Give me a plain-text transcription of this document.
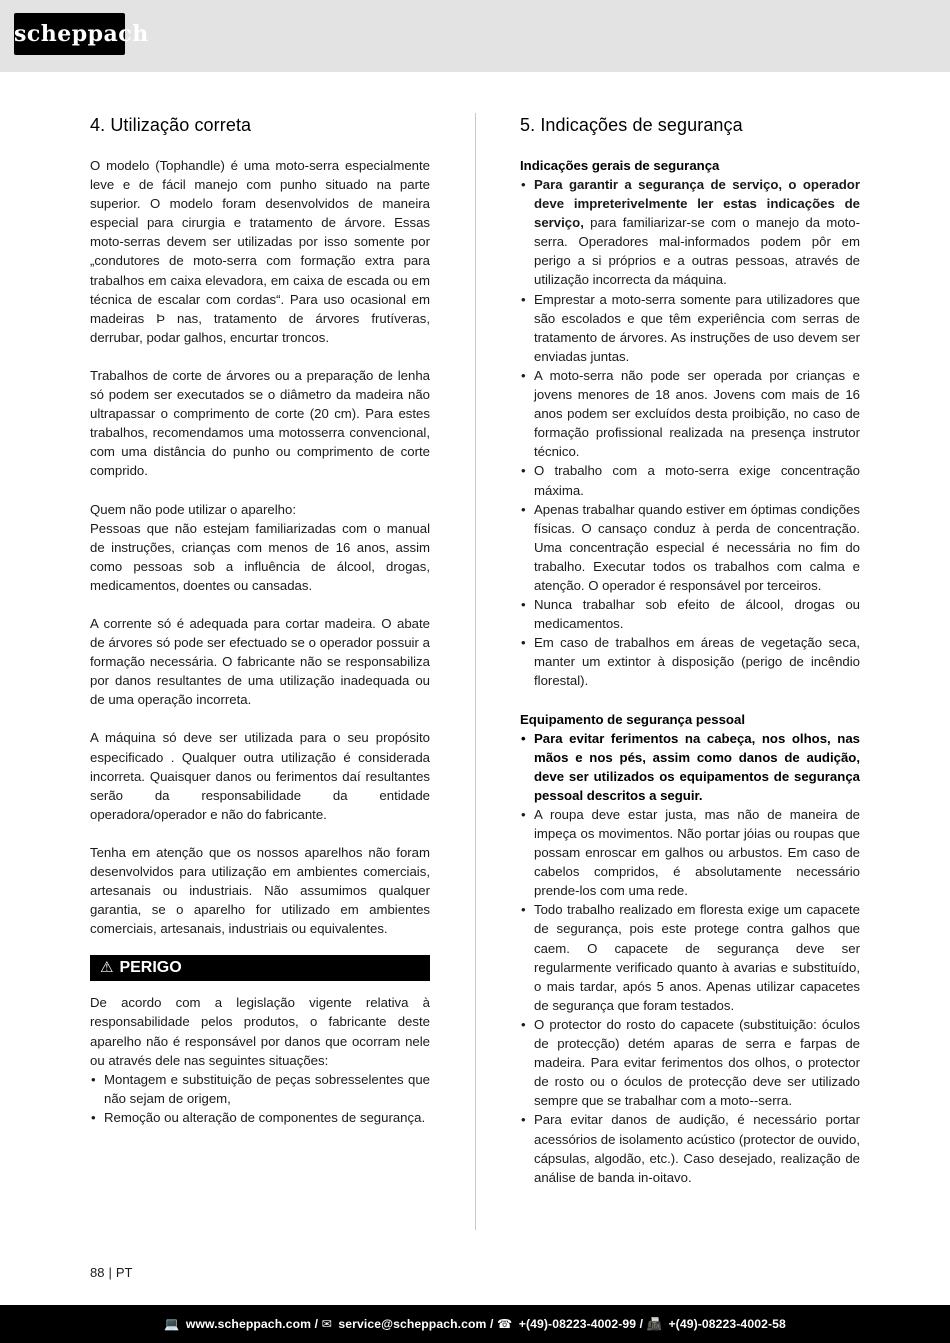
scheppach
4. Utilização correta

O modelo (Tophandle) é uma moto-serra especialmente leve e de fácil manejo com punho situado na parte superior. O modelo foram desenvolvidos de maneira especial para cirurgia e tratamento de árvore. Essas moto-serras devem ser utilizadas por isso somente por „condutores de moto-serra com formação extra para trabalhos em caixa elevadora, em caixa de escada ou em técnica de escalar com cordas“. Para uso ocasional em madeiras Þ nas, tratamento de árvores frutíveras, derrubar, podar galhos, encurtar troncos.

Trabalhos de corte de árvores ou a preparação de lenha só podem ser executados se o diâmetro da madeira não ultrapassar o comprimento de corte (20 cm). Para estes trabalhos, recomendamos uma motosserra convencional, com uma distância do punho ou comprimento de corte comprido.

Quem não pode utilizar o aparelho:

Pessoas que não estejam familiarizadas com o manual de instruções, crianças com menos de 16 anos, assim como pessoas sob a influência de álcool, drogas, medicamentos, doentes ou cansadas.

A corrente só é adequada para cortar madeira. O abate de árvores só pode ser efectuado se o operador possuir a formação necessária. O fabricante não se responsabiliza por danos resultantes de uma utilização inadequada ou de uma operação incorreta.

A máquina só deve ser utilizada para o seu propósito especificado . Qualquer outra utilização é considerada incorreta. Quaisquer danos ou ferimentos daí resultantes serão da responsabilidade da entidade operadora/operador e não do fabricante.

Tenha em atenção que os nossos aparelhos não foram desenvolvidos para utilização em ambientes comerciais, artesanais ou industriais. Não assumimos qualquer garantia, se o aparelho for utilizado em ambientes comerciais, artesanais, industriais ou equivalentes.

⚠ PERIGO

De acordo com a legislação vigente relativa à responsabilidade pelos produtos, o fabricante deste aparelho não é responsável por danos que ocorram nele ou através dele nas seguintes situações:

• Montagem e substituição de peças sobresselentes que não sejam de origem,
• Remoção ou alteração de componentes de segurança.
5. Indicações de segurança
Indicações gerais de segurança
• Para garantir a segurança de serviço, o operador deve impreterivelmente ler estas indicações de serviço, para familiarizar-se com o manejo da moto-serra. Operadores mal-informados podem pôr em perigo a si próprios e a outras pessoas, através de utilização incorrecta da máquina.
• Emprestar a moto-serra somente para utilizadores que são escolados e que têm experiência com serras de tratamento de árvores. As instruções de uso devem ser enviadas juntas.
• A moto-serra não pode ser operada por crianças e jovens menores de 18 anos. Jovens com mais de 16 anos podem ser excluídos desta proibição, no caso de formação profissional realizada na presença instrutor técnico.
• O trabalho com a moto-serra exige concentração máxima.
• Apenas trabalhar quando estiver em óptimas condições físicas. O cansaço conduz à perda de concentração. Uma concentração especial é necessária no fim do trabalho. Executar todos os trabalhos com calma e atenção. O operador é responsável por terceiros.
• Nunca trabalhar sob efeito de álcool, drogas ou medicamentos.
• Em caso de trabalhos em áreas de vegetação seca, manter um extintor à disposição (perigo de incêndio florestal).
Equipamento de segurança pessoal
• Para evitar ferimentos na cabeça, nos olhos, nas mãos e nos pés, assim como danos de audição, deve ser utilizados os equipamentos de segurança pessoal descritos a seguir.
• A roupa deve estar justa, mas não de maneira de impeça os movimentos. Não portar jóias ou roupas que possam enroscar em galhos ou arbustos. Em caso de cabelos compridos, é absolutamente necessário prende-los com uma rede.
• Todo trabalho realizado em floresta exige um capacete de segurança, pois este protege contra galhos que caem. O capacete de segurança deve ser regularmente verificado quanto à avarias e substituído, o mais tardar, após 5 anos. Apenas utilizar capacetes de segurança que foram testados.
• O protector do rosto do capacete (substituição: óculos de protecção) detém aparas de serra e farpas de madeira. Para evitar ferimentos dos olhos, o protector de rosto ou o óculos de protecção deve ser utilizado sempre que se trabalhar com a moto--serra.
• Para evitar danos de audição, é necessário portar acessórios de isolamento acústico (protector de ouvido, cápsulas, algodão, etc.). Caso desejado, realização de análise de banda in-oitavo.
88 | PT
💻 www.scheppach.com / ✉ service@scheppach.com / ☎ +(49)-08223-4002-99 / 📠 +(49)-08223-4002-58
